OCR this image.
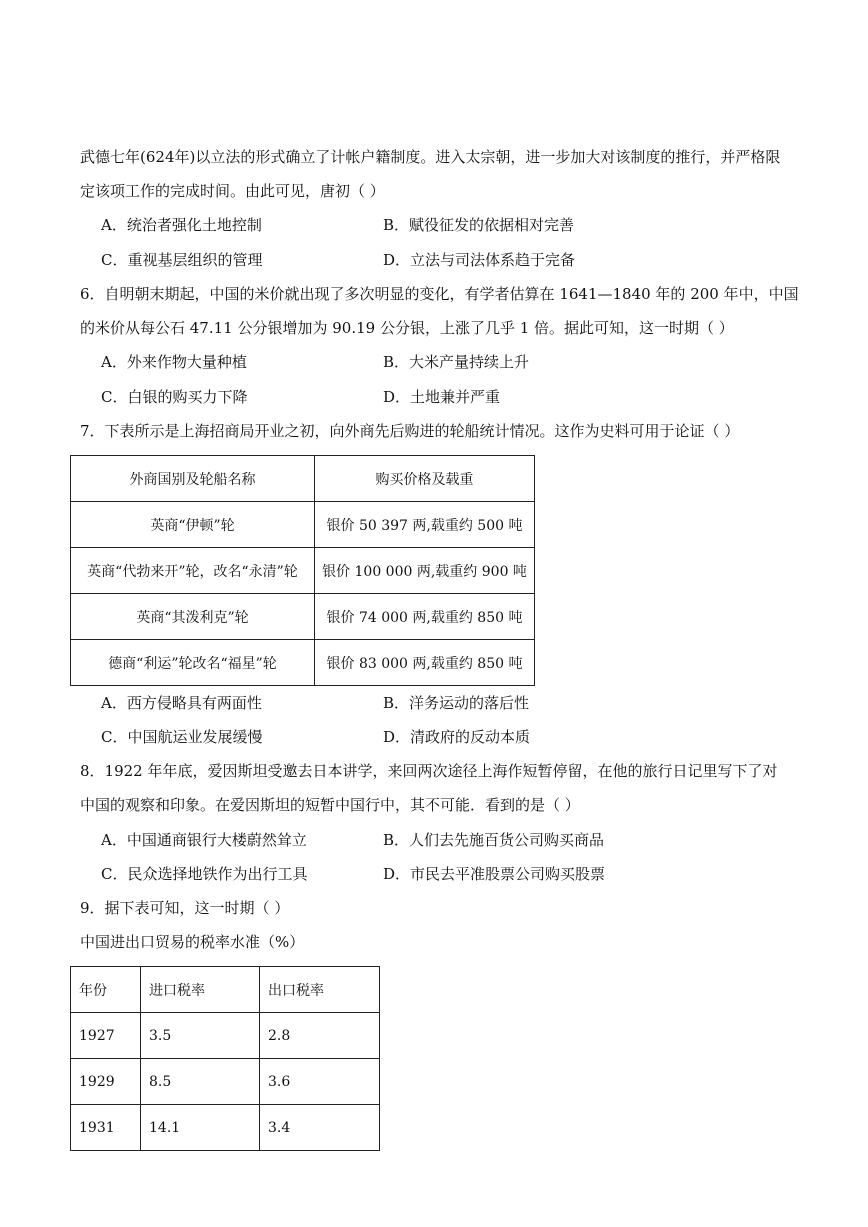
武德七年(624年)以立法的形式确立了计帐户籍制度。进入太宗朝，进一步加大对该制度的推行，并严格限
定该项工作的完成时间。由此可见，唐初（ ）
A．统治者强化土地控制	B．赋役征发的依据相对完善
C．重视基层组织的管理	D．立法与司法体系趋于完备
6．自明朝末期起，中国的米价就出现了多次明显的变化，有学者估算在 1641—1840 年的 200 年中，中国
的米价从每公石 47.11 公分银增加为 90.19 公分银，上涨了几乎 1 倍。据此可知，这一时期（ ）
A．外来作物大量种植	B．大米产量持续上升
C．白银的购买力下降	D．土地兼并严重
7．下表所示是上海招商局开业之初，向外商先后购进的轮船统计情况。这作为史料可用于论证（ ）
外商国别及轮船名称	购买价格及载重
英商“伊顿”轮	银价 50 397 两,载重约 500 吨
英商“代勃来开”轮，改名“永清”轮	银价 100 000 两,载重约 900 吨
英商“其泼利克”轮	银价 74 000 两,载重约 850 吨
德商“利运”轮改名“福星”轮	银价 83 000 两,载重约 850 吨
A．西方侵略具有两面性	B．洋务运动的落后性
C．中国航运业发展缓慢	D．清政府的反动本质
8．1922 年年底，爱因斯坦受邀去日本讲学，来回两次途径上海作短暂停留，在他的旅行日记里写下了对
中国的观察和印象。在爱因斯坦的短暂中国行中，其不可能．看到的是（ ）
A．中国通商银行大楼蔚然耸立	B．人们去先施百货公司购买商品
C．民众选择地铁作为出行工具	D．市民去平准股票公司购买股票
9．据下表可知，这一时期（ ）
中国进出口贸易的税率水准（%）
年份	进口税率	出口税率
1927	3.5	2.8
1929	8.5	3.6
1931	14.1	3.4
